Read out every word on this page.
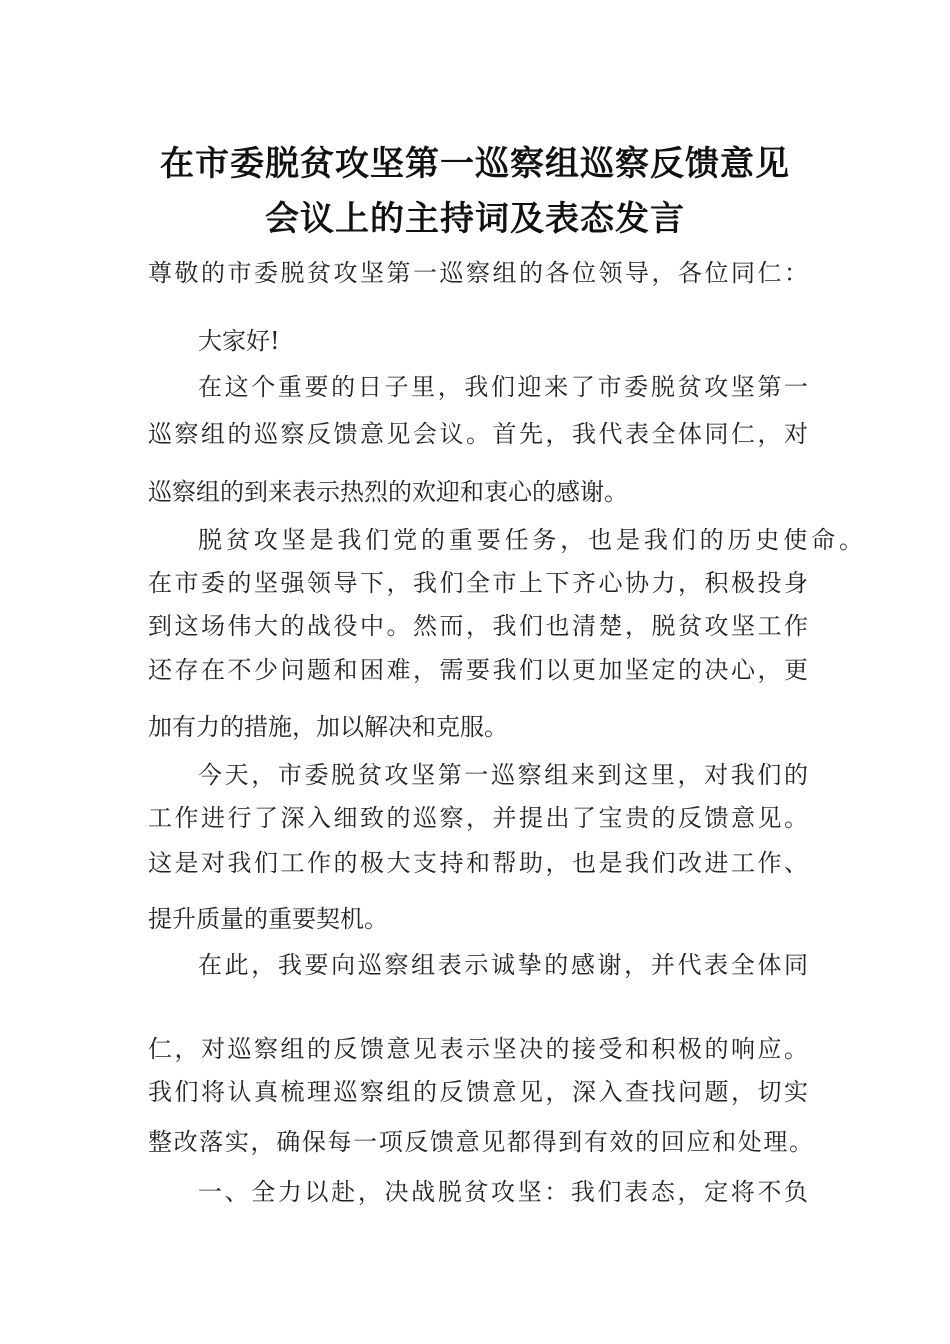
在市委脱贫攻坚第一巡察组巡察反馈意见
会议上的主持词及表态发言
尊敬的市委脱贫攻坚第一巡察组的各位领导，各位同仁：
大家好!
在这个重要的日子里，我们迎来了市委脱贫攻坚第一
巡察组的巡察反馈意见会议。首先，我代表全体同仁，对
巡察组的到来表示热烈的欢迎和衷心的感谢。
脱贫攻坚是我们党的重要任务，也是我们的历史使命。
在市委的坚强领导下，我们全市上下齐心协力，积极投身
到这场伟大的战役中。然而，我们也清楚，脱贫攻坚工作
还存在不少问题和困难，需要我们以更加坚定的决心，更
加有力的措施，加以解决和克服。
今天，市委脱贫攻坚第一巡察组来到这里，对我们的
工作进行了深入细致的巡察，并提出了宝贵的反馈意见。
这是对我们工作的极大支持和帮助，也是我们改进工作、
提升质量的重要契机。
在此，我要向巡察组表示诚挚的感谢，并代表全体同
仁，对巡察组的反馈意见表示坚决的接受和积极的响应。
我们将认真梳理巡察组的反馈意见，深入查找问题，切实
整改落实，确保每一项反馈意见都得到有效的回应和处理。
一、全力以赴，决战脱贫攻坚：我们表态，定将不负
